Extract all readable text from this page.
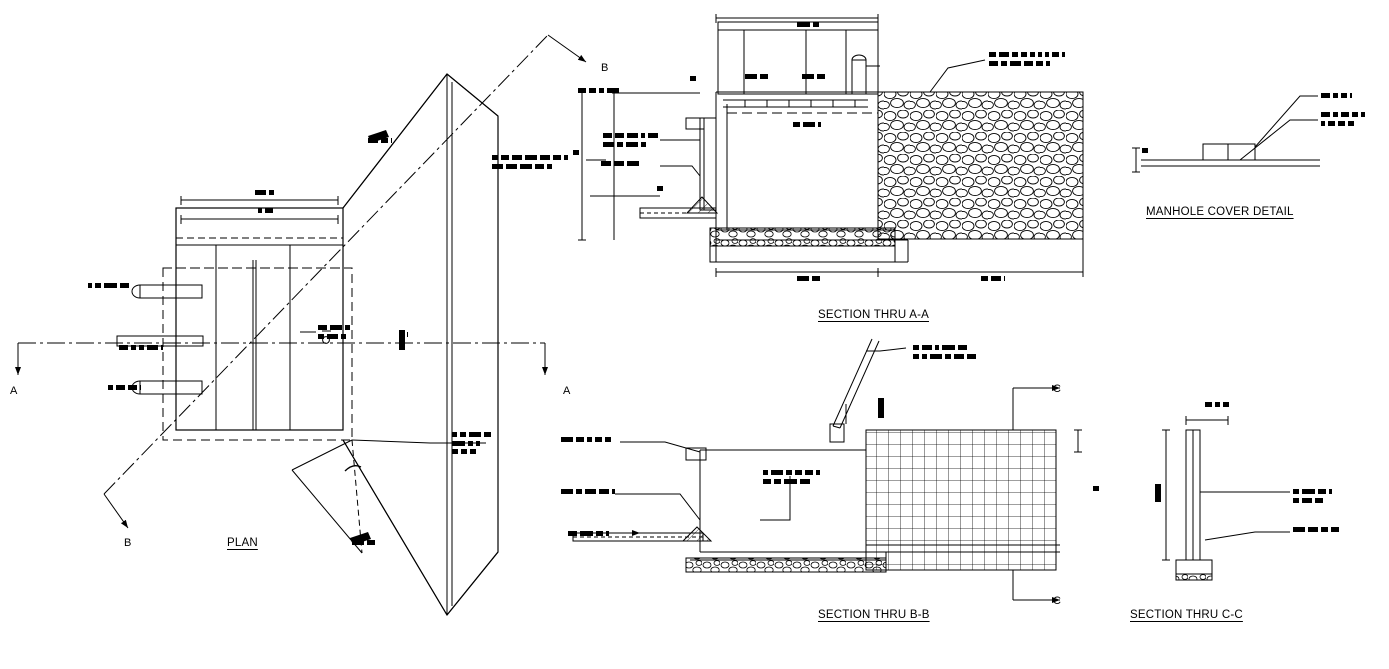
PLAN
SECTION THRU A-A
SECTION THRU B-B	SECTION THRU C-C
MANHOLE COVER DETAIL
A	A
B
B
C
C
